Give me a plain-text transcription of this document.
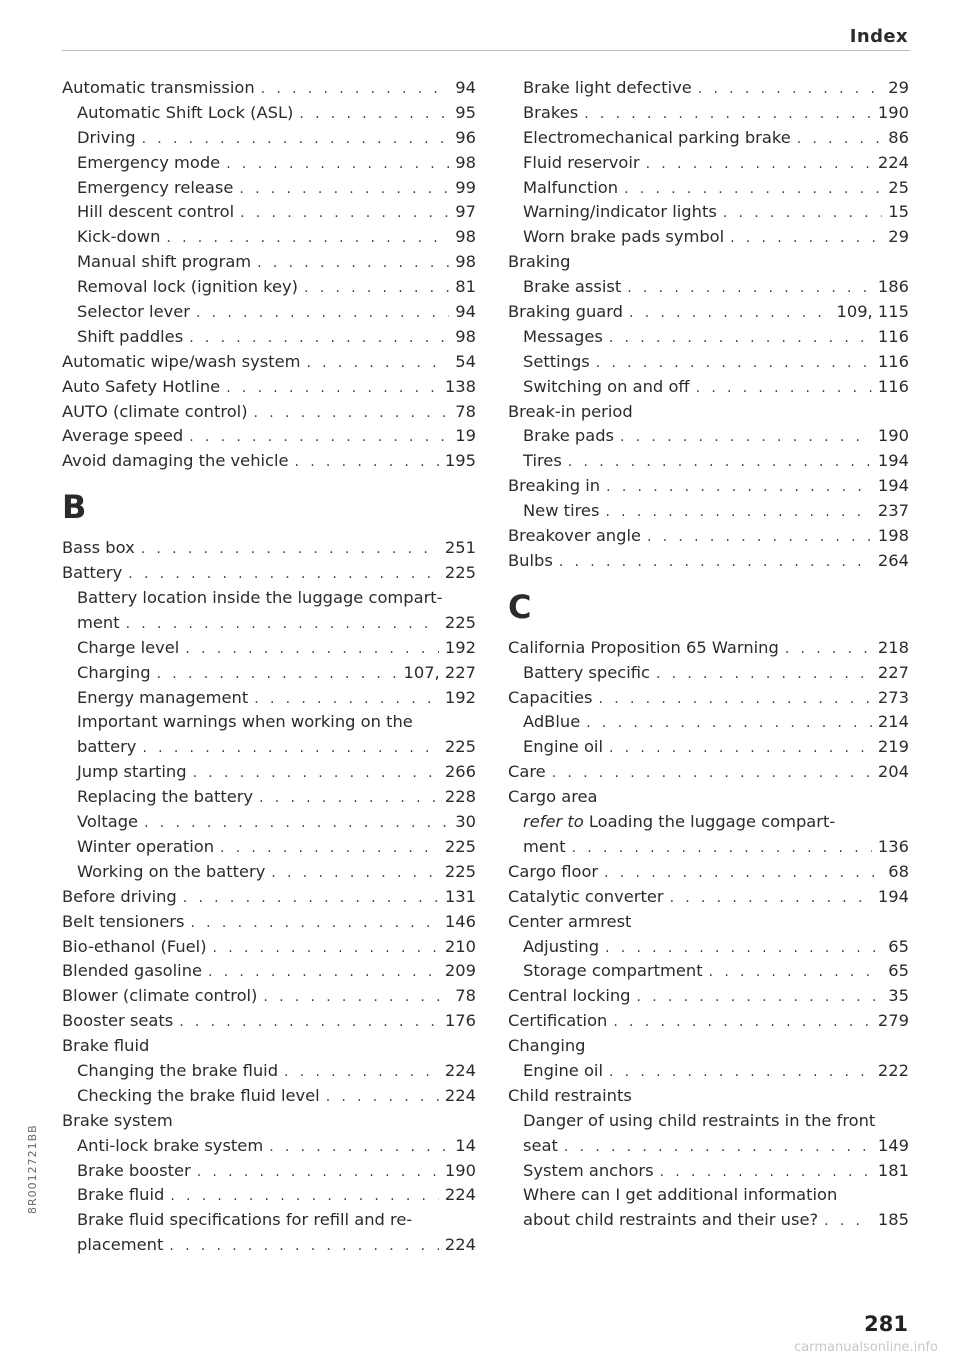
Index
Automatic transmission . . .	94
Automatic Shift Lock (ASL) . . .	95
Driving . . .	96
Emergency mode . . .	98
Emergency release . . .	99
Hill descent control . . .	97
Kick-down . . .	98
Manual shift program . . .	98
Removal lock (ignition key) . . .	81
Selector lever . . .	94
Shift paddles . . .	98
Automatic wipe/wash system . . .	54
Auto Safety Hotline . . .	138
AUTO (climate control) . . .	78
Average speed . . .	19
Avoid damaging the vehicle . . .	195
B
Bass box . . .	251
Battery . . .	225
Battery location inside the luggage compart-
ment . . .	225
Charge level . . .	192
Charging . . .	107, 227
Energy management . . .	192
Important warnings when working on the
battery . . .	225
Jump starting . . .	266
Replacing the battery . . .	228
Voltage . . .	30
Winter operation . . .	225
Working on the battery . . .	225
Before driving . . .	131
Belt tensioners . . .	146
Bio-ethanol (Fuel) . . .	210
Blended gasoline . . .	209
Blower (climate control) . . .	78
Booster seats . . .	176
Brake fluid
Changing the brake fluid . . .	224
Checking the brake fluid level . . .	224
Brake system
Anti-lock brake system . . .	14
Brake booster . . .	190
Brake fluid . . .	224
Brake fluid specifications for refill and re-
placement . . .	224
Brake light defective . . .	29
Brakes . . .	190
Electromechanical parking brake . . .	86
Fluid reservoir . . .	224
Malfunction . . .	25
Warning/indicator lights . . .	15
Worn brake pads symbol . . .	29
Braking
Brake assist . . .	186
Braking guard . . .	109, 115
Messages . . .	116
Settings . . .	116
Switching on and off . . .	116
Break-in period
Brake pads . . .	190
Tires . . .	194
Breaking in . . .	194
New tires . . .	237
Breakover angle . . .	198
Bulbs . . .	264
C
California Proposition 65 Warning . . .	218
Battery specific . . .	227
Capacities . . .	273
AdBlue . . .	214
Engine oil . . .	219
Care . . .	204
Cargo area
refer to Loading the luggage compart-
ment . . .	136
Cargo floor . . .	68
Catalytic converter . . .	194
Center armrest
Adjusting . . .	65
Storage compartment . . .	65
Central locking . . .	35
Certification . . .	279
Changing
Engine oil . . .	222
Child restraints
Danger of using child restraints in the front
seat . . .	149
System anchors . . .	181
Where can I get additional information
about child restraints and their use? . . .	185
8R0012721BB
281
carmanualsonline.info
